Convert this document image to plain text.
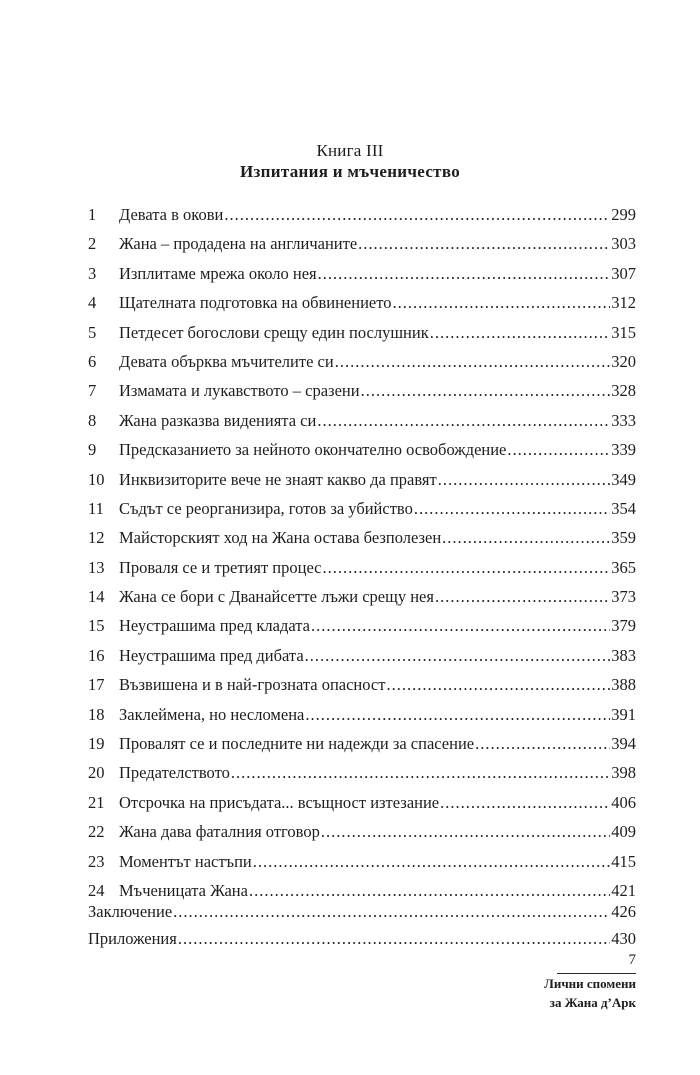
Книга III
Изпитания и мъченичество
1	Девата в окови .....	299
2	Жана – продадена на англичаните .....	303
3	Изплитаме мрежа около нея .....	307
4	Щателната подготовка на обвинението .....	312
5	Петдесет богослови срещу един послушник .....	315
6	Девата обърква мъчителите си .....	320
7	Измамата и лукавството – сразени .....	328
8	Жана разказва виденията си .....	333
9	Предсказанието за нейното окончателно освобождение .....	339
10 Инквизиторите вече не знаят какво да правят .....	349
11 Съдът се реорганизира, готов за убийство .....	354
12 Майсторският ход на Жана остава безполезен .....	359
13 Проваля се и третият процес .....	365
14 Жана се бори с Дванайсетте лъжи срещу нея .....	373
15 Неустрашима пред кладата .....	379
16 Неустрашима пред дибата .....	383
17 Възвишена и в най-грозната опасност .....	388
18 Заклеймена, но несломена .....	391
19 Провалят се и последните ни надежди за спасение .....	394
20 Предателството .....	398
21 Отсрочка на присъдата... всъщност изтезание .....	406
22 Жана дава фаталния отговор .....	409
23 Моментът настъпи .....	415
24 Мъченицата Жана .....	421
Заключение .....	426
Приложения .....	430
7
Лични спомени
за Жана д’Арк
